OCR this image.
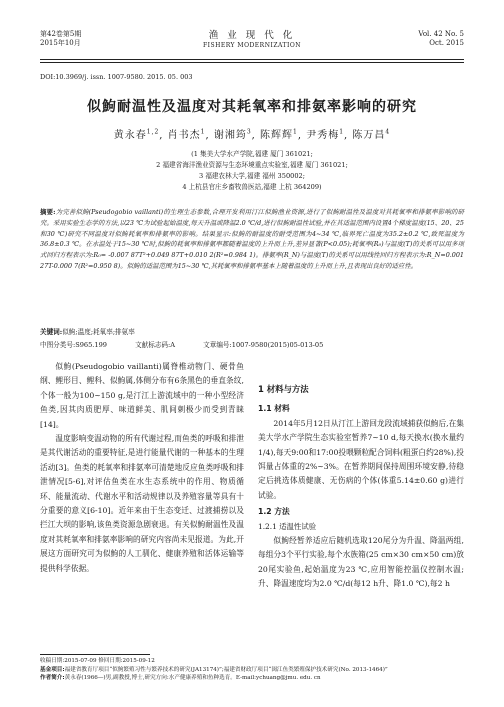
第42卷第5期
2015年10月
渔 业 现 代 化
FISHERY MODERNIZATION
Vol. 42 No. 5
Oct. 2015
DOI:10.3969/j. issn. 1007-9580. 2015. 05. 003
似鮈耐温性及温度对其耗氧率和排氨率影响的研究
黄永春$^{1,2}$, 肖书杰$^1$, 谢湘筠$^3$, 陈辉辉$^1$, 尹秀梅$^1$, 陈万昌$^4$
(1 集美大学水产学院,福建 厦门 361021;
2 福建省海洋渔业资源与生态环境重点实验室,福建 厦门 361021;
3 福建农林大学,福建 福州 350002;
4 上杭县官庄乡畜牧兽医站,福建 上杭 364209)
摘要:为完善似鮈(Pseudogobio vaillanti)的生理生态参数,合理开发利用汀江似鮈渔业资源,进行了似鮈耐温性及温度对其耗氧率和排氨率影响的研究。采用实验生态学的方法,以23 ℃为试验起始温度,每天升温或降温2.0 ℃/d,进行似鮈耐温性试验,并在其适温范围内设置4个梯度温度(15、20、25和30 ℃)研究不同温度对似鮈耗氧率和排氨率的影响。结果显示:似鮈的耐温度的耐受范围为4~34 ℃,临界死亡温度为35.2±0.2 ℃,致死温度为36.8±0.3 ℃。在水温处于15~30 ℃时,似鮈的耗氧率和排氨率都随着温度的上升而上升,差异显著(P<0.05);耗氧率(R₀)与温度(T)的关系可以用多项式回归方程表示为:R₀= -0.007 87T²+0.049 87T+0.010 2(R²=0.984 1)。排氨率(R_N)与温度(T)的关系可以用线性回归方程表示为:R_N=0.001 27T-0.000 7(R²=0.950 8)。似鮈的适温范围为15~30 ℃,其耗氧率和排氨率基本上随着温度的上升而上升,且表现出良好的适应性。
关键词:似鮈;温度;耗氧率;排氨率
中图分类号:S965.199	文献标志码:A	文章编号:1007-9580(2015)05-013-05

似鮈(Pseudogobio vaillanti)属脊椎动物门、硬骨鱼纲、鲤形目、鲤科、似鮈属,体侧分布有6条黑色的垂直条纹,个体一般为100~150 g,是汀江上游流域中的一种小型经济鱼类,因其肉质肥厚、味道鲜美、肌间刺极少而受到青睐[14]。

温度影响变温动物的所有代谢过程,而鱼类的呼吸和排泄是其代谢活动的重要特征,是进行能量代谢的一种基本的生理活动[3]。鱼类的耗氧率和排氨率可清楚地反应鱼类呼吸和排泄情况[5-6],对评估鱼类在水生态系统中的作用、物质循环、能量流动、代谢水平和活动规律以及养殖容量等具有十分重要的意义[6-10]。近年来由于生态变迁、过渡捕捞以及拦江大坝的影响,该鱼类资源急剧衰退。有关似鮈耐温性及温度对其耗氧率和排氨率影响的研究内容尚未见报道。为此,开展这方面研究可为似鮈的人工驯化、健康养殖和活体运输等提供科学依据。

1 材料与方法
1.1 材料

2014年5月12日从汀江上游回龙段流域捕获似鮈后,在集美大学水产学院生态实验室暂养7~10 d,每天换水(换水量约1/4),每天9:00和17:00投喂颗粒配合饲料(粗蛋白约28%),投饵量占体重的2%~3%。在暂养期间保持周围环境安静,待稳定后挑选体质健康、无伤病的个体(体重5.14±0.60 g)进行试验。

1.2 方法
1.2.1 适温性试验

似鮈经暂养适应后随机选取120尾分为升温、降温两组,每组分3个平行实验,每个水族箱(25 cm×30 cm×50 cm)放20尾实验鱼,起始温度为23 ℃,应用智能控温仪控制水温;升、降温速度均为2.0 ℃/d(每12 h升、降1.0 ℃),每2 h

收稿日期:2015-07-09 修回日期:2015-09-12
基金项目:福建省教育厅项目“似鮈繁殖习性与繁养技术的研究(JA13174)”;福建省财政厅项目“闽江鱼类繁殖保护技术研究(No. 2013-1464)”
作者简介:黄永春(1966—)男,副教授,博士,研究方向:水产健康养殖和鱼种选育。E-mail:ychuang@jmu. edu. cn
